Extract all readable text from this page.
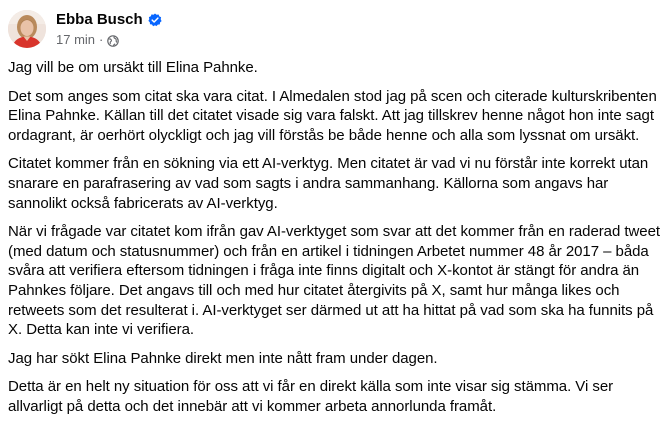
Ebba Busch
17 min ·

Jag vill be om ursäkt till Elina Pahnke.

Det som anges som citat ska vara citat. I Almedalen stod jag på scen och citerade kulturskribenten Elina Pahnke. Källan till det citatet visade sig vara falskt. Att jag tillskrev henne något hon inte sagt ordagrant, är oerhört olyckligt och jag vill förstås be både henne och alla som lyssnat om ursäkt.

Citatet kommer från en sökning via ett AI-verktyg. Men citatet är vad vi nu förstår inte korrekt utan snarare en parafrasering av vad som sagts i andra sammanhang. Källorna som angavs har sannolikt också fabricerats av AI-verktyg.

När vi frågade var citatet kom ifrån gav AI-verktyget som svar att det kommer från en raderad tweet (med datum och statusnummer) och från en artikel i tidningen Arbetet nummer 48 år 2017 – båda svåra att verifiera eftersom tidningen i fråga inte finns digitalt och X-kontot är stängt för andra än Pahnkes följare. Det angavs till och med hur citatet återgivits på X, samt hur många likes och retweets som det resulterat i. AI-verktyget ser därmed ut att ha hittat på vad som ska ha funnits på X. Detta kan inte vi verifiera.

Jag har sökt Elina Pahnke direkt men inte nått fram under dagen.

Detta är en helt ny situation för oss att vi får en direkt källa som inte visar sig stämma. Vi ser allvarligt på detta och det innebär att vi kommer arbeta annorlunda framåt.
